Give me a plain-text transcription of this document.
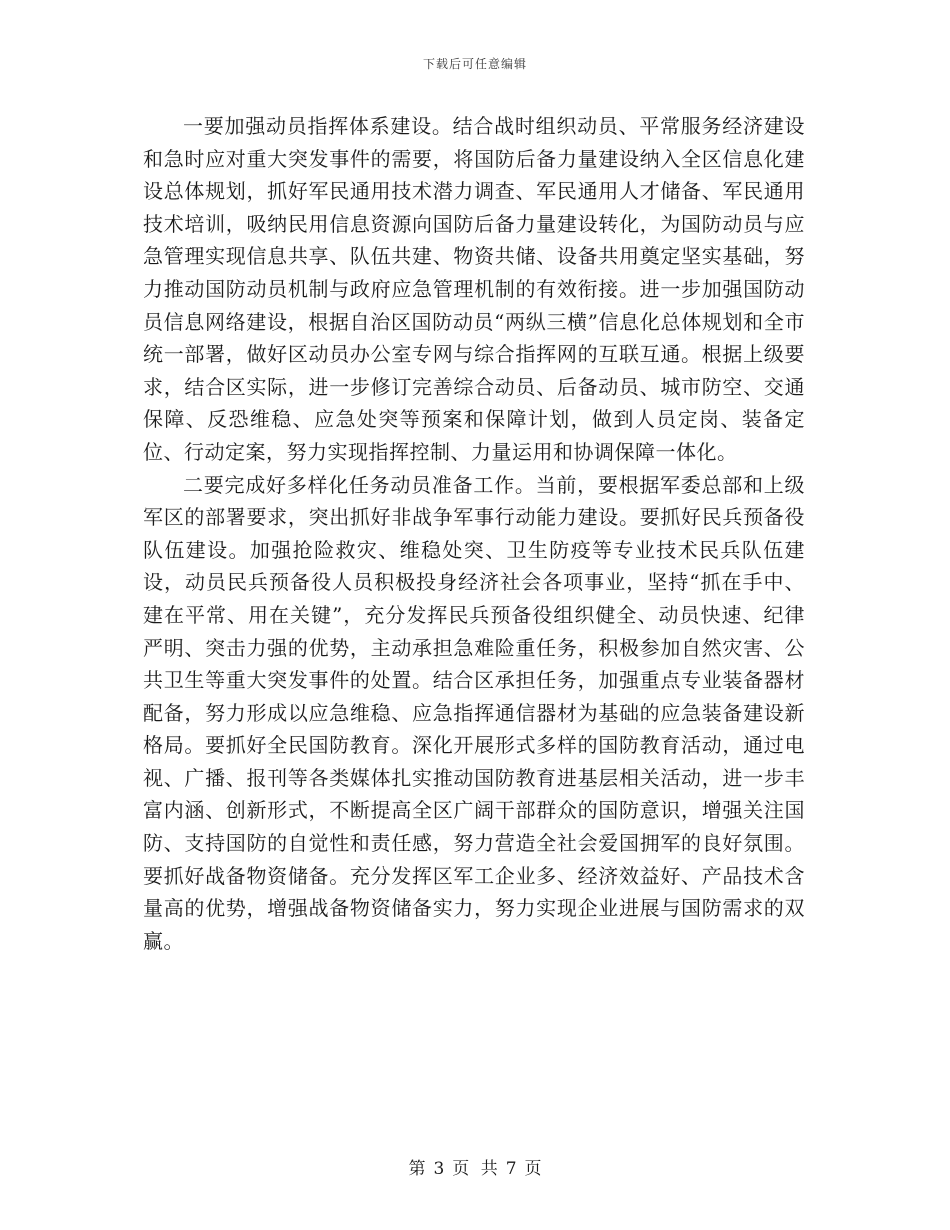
下载后可任意编辑

一要加强动员指挥体系建设。结合战时组织动员、平常服务经济建设和急时应对重大突发事件的需要，将国防后备力量建设纳入全区信息化建设总体规划，抓好军民通用技术潜力调查、军民通用人才储备、军民通用技术培训，吸纳民用信息资源向国防后备力量建设转化，为国防动员与应急管理实现信息共享、队伍共建、物资共储、设备共用奠定坚实基础，努力推动国防动员机制与政府应急管理机制的有效衔接。进一步加强国防动员信息网络建设，根据自治区国防动员“两纵三横”信息化总体规划和全市统一部署，做好区动员办公室专网与综合指挥网的互联互通。根据上级要求，结合区实际，进一步修订完善综合动员、后备动员、城市防空、交通保障、反恐维稳、应急处突等预案和保障计划，做到人员定岗、装备定位、行动定案，努力实现指挥控制、力量运用和协调保障一体化。

二要完成好多样化任务动员准备工作。当前，要根据军委总部和上级军区的部署要求，突出抓好非战争军事行动能力建设。要抓好民兵预备役队伍建设。加强抢险救灾、维稳处突、卫生防疫等专业技术民兵队伍建设，动员民兵预备役人员积极投身经济社会各项事业，坚持“抓在手中、建在平常、用在关键”，充分发挥民兵预备役组织健全、动员快速、纪律严明、突击力强的优势，主动承担急难险重任务，积极参加自然灾害、公共卫生等重大突发事件的处置。结合区承担任务，加强重点专业装备器材配备，努力形成以应急维稳、应急指挥通信器材为基础的应急装备建设新格局。要抓好全民国防教育。深化开展形式多样的国防教育活动，通过电视、广播、报刊等各类媒体扎实推动国防教育进基层相关活动，进一步丰富内涵、创新形式，不断提高全区广阔干部群众的国防意识，增强关注国防、支持国防的自觉性和责任感，努力营造全社会爱国拥军的良好氛围。要抓好战备物资储备。充分发挥区军工企业多、经济效益好、产品技术含量高的优势，增强战备物资储备实力，努力实现企业进展与国防需求的双赢。

第 3 页 共 7 页
